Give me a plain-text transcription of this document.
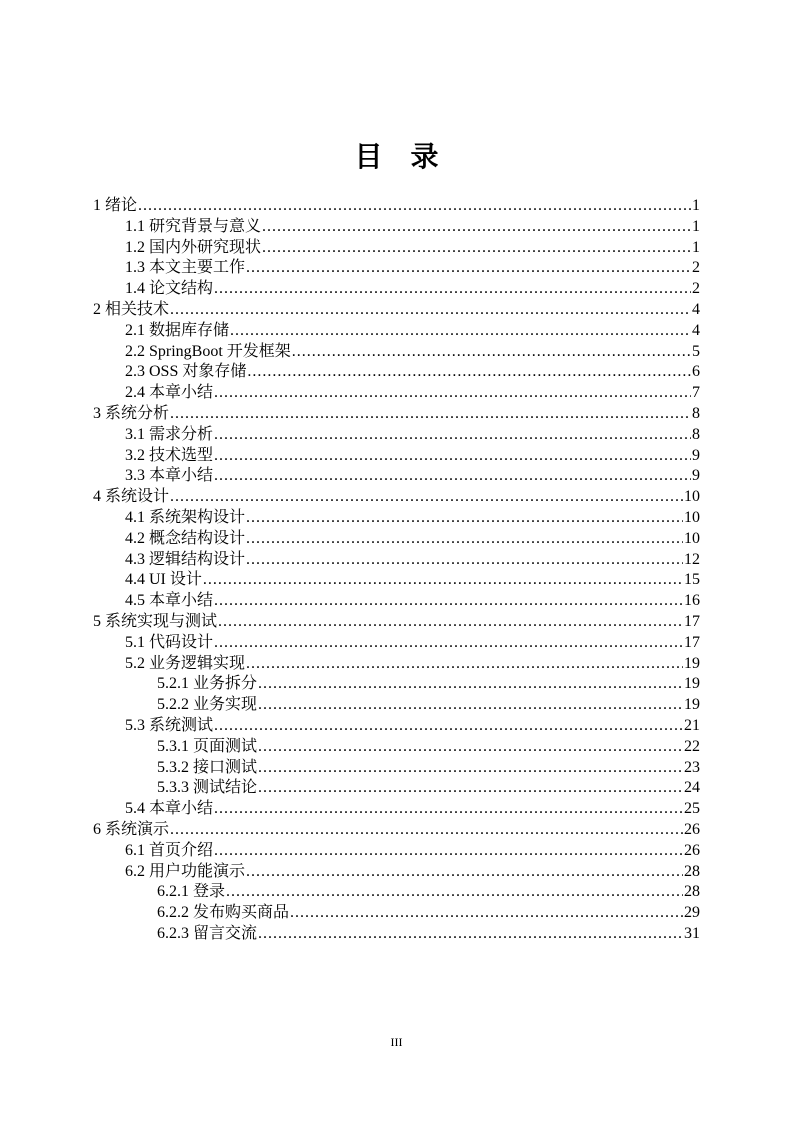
目　录
1 绪论 .....	1
1.1 研究背景与意义 .....	1
1.2 国内外研究现状 .....	1
1.3 本文主要工作 .....	2
1.4 论文结构 .....	2
2 相关技术 .....	4
2.1 数据库存储 .....	4
2.2 SpringBoot 开发框架 .....	5
2.3 OSS 对象存储 .....	6
2.4 本章小结 .....	7
3 系统分析 .....	8
3.1 需求分析 .....	8
3.2 技术选型 .....	9
3.3 本章小结 .....	9
4 系统设计 .....	10
4.1 系统架构设计 .....	10
4.2 概念结构设计 .....	10
4.3 逻辑结构设计 .....	12
4.4 UI 设计 .....	15
4.5 本章小结 .....	16
5 系统实现与测试 .....	17
5.1 代码设计 .....	17
5.2 业务逻辑实现 .....	19
5.2.1 业务拆分 .....	19
5.2.2 业务实现 .....	19
5.3 系统测试 .....	21
5.3.1 页面测试 .....	22
5.3.2 接口测试 .....	23
5.3.3 测试结论 .....	24
5.4 本章小结 .....	25
6 系统演示 .....	26
6.1 首页介绍 .....	26
6.2 用户功能演示 .....	28
6.2.1 登录 .....	28
6.2.2 发布购买商品 .....	29
6.2.3 留言交流 .....	31
III
